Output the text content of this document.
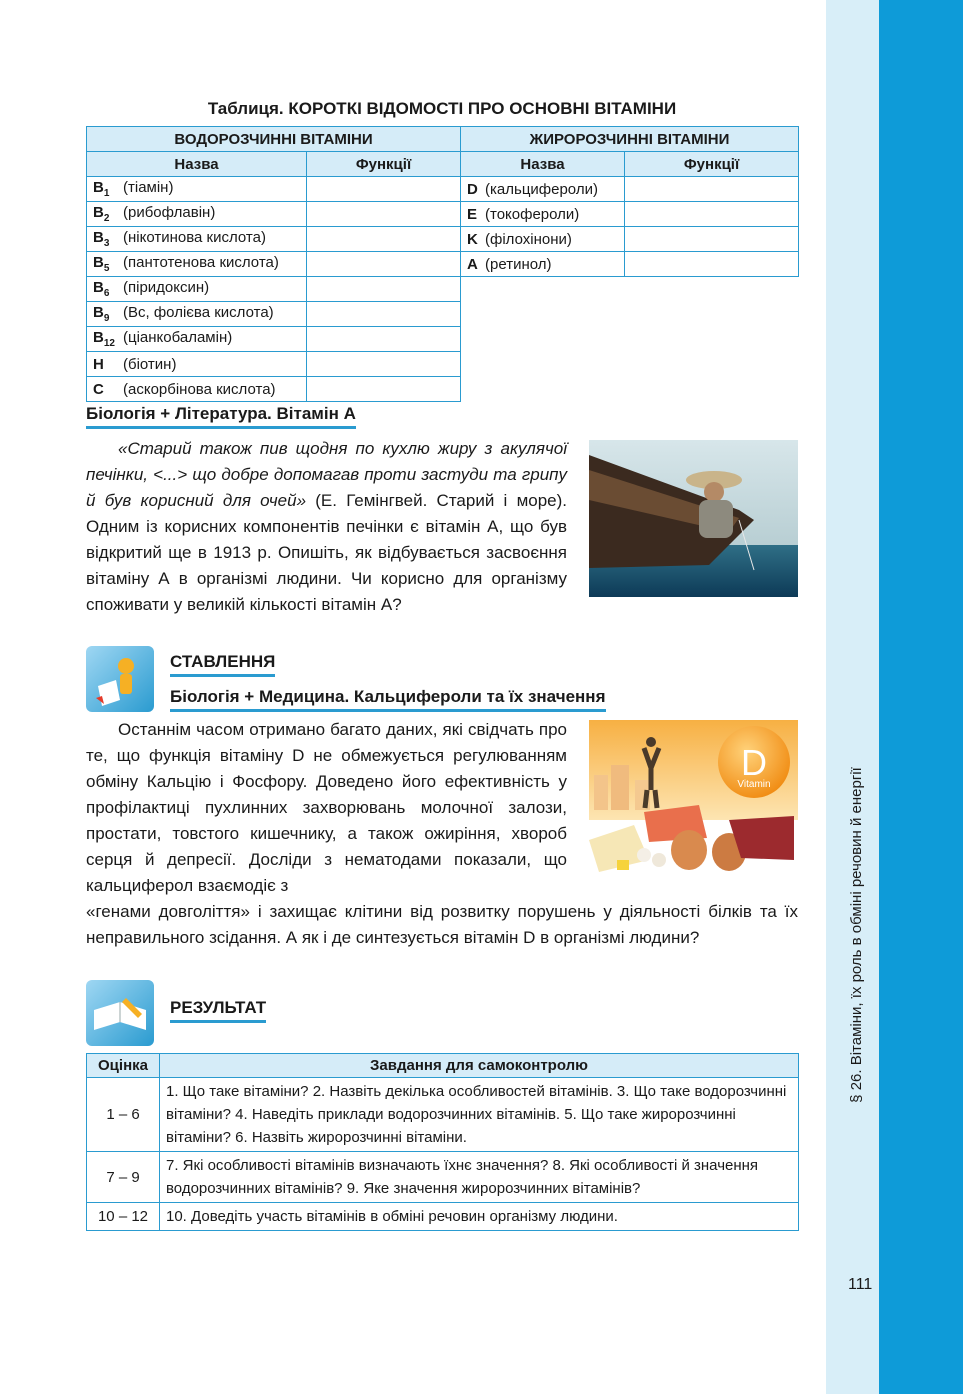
§ 26. Вітаміни, їх роль в обміні речовин й енергії
111
Таблиця. КОРОТКІ ВІДОМОСТІ ПРО ОСНОВНІ ВІТАМІНИ
ВОДОРОЗЧИННІ ВІТАМІНИ		ЖИРОРОЗЧИННІ ВІТАМІНИ	
Назва	Функції	Назва	Функції
$B_1$ (тіамін)		D (кальцифероли)	
$B_2$ (рибофлавін)		E (токофероли)	
$B_3$ (нікотинова кислота)		K (філохінони)	
$B_5$ (пантотенова кислота)		A (ретинол)	
$B_6$ (піридоксин)			
$B_9$ (Bc, фолієва кислота)			
$B_{12}$ (ціанкобаламін)			
H (біотин)			
C (аскорбінова кислота)			
Біологія + Література. Вітамін А
«Старий також пив щодня по кухлю жиру з акулячої печінки, <...> що добре допомагав проти застуди та грипу й був корисний для очей» (Е. Гемінгвей. Старий і море). Одним із корисних компонентів печінки є вітамін А, що був відкритий ще в 1913 р. Опишіть, як відбувається засвоєння вітаміну А в організмі людини. Чи корисно для організму споживати у великій кількості вітамін А?
СТАВЛЕННЯ
Біологія + Медицина. Кальцифероли та їх значення
Останнім часом отримано багато даних, які свідчать про те, що функція вітаміну D не обмежується регулюванням обміну Кальцію і Фосфору. Доведено його ефективність у профілактиці пухлинних захворювань молочної залози, простати, товстого кишечнику, а також ожиріння, хвороб серця й депресії. Досліди з нематодами показали, що кальциферол взаємодіє з
«генами довголіття» і захищає клітини від розвитку порушень у діяльності білків та їх неправильного зсідання. А як і де синтезується вітамін D в організмі людини?
D
Vitamin
РЕЗУЛЬТАТ
Оцінка	Завдання для самоконтролю
1 – 6	1. Що таке вітаміни? 2. Назвіть декілька особливостей вітамінів. 3. Що таке водорозчинні вітаміни? 4. Наведіть приклади водорозчинних вітамінів. 5. Що таке жиророзчинні вітаміни? 6. Назвіть жиророзчинні вітаміни.
7 – 9	7. Які особливості вітамінів визначають їхнє значення? 8. Які особливості й значення водорозчинних вітамінів? 9. Яке значення жиророзчинних вітамінів?
10 – 12	10. Доведіть участь вітамінів в обміні речовин організму людини.
